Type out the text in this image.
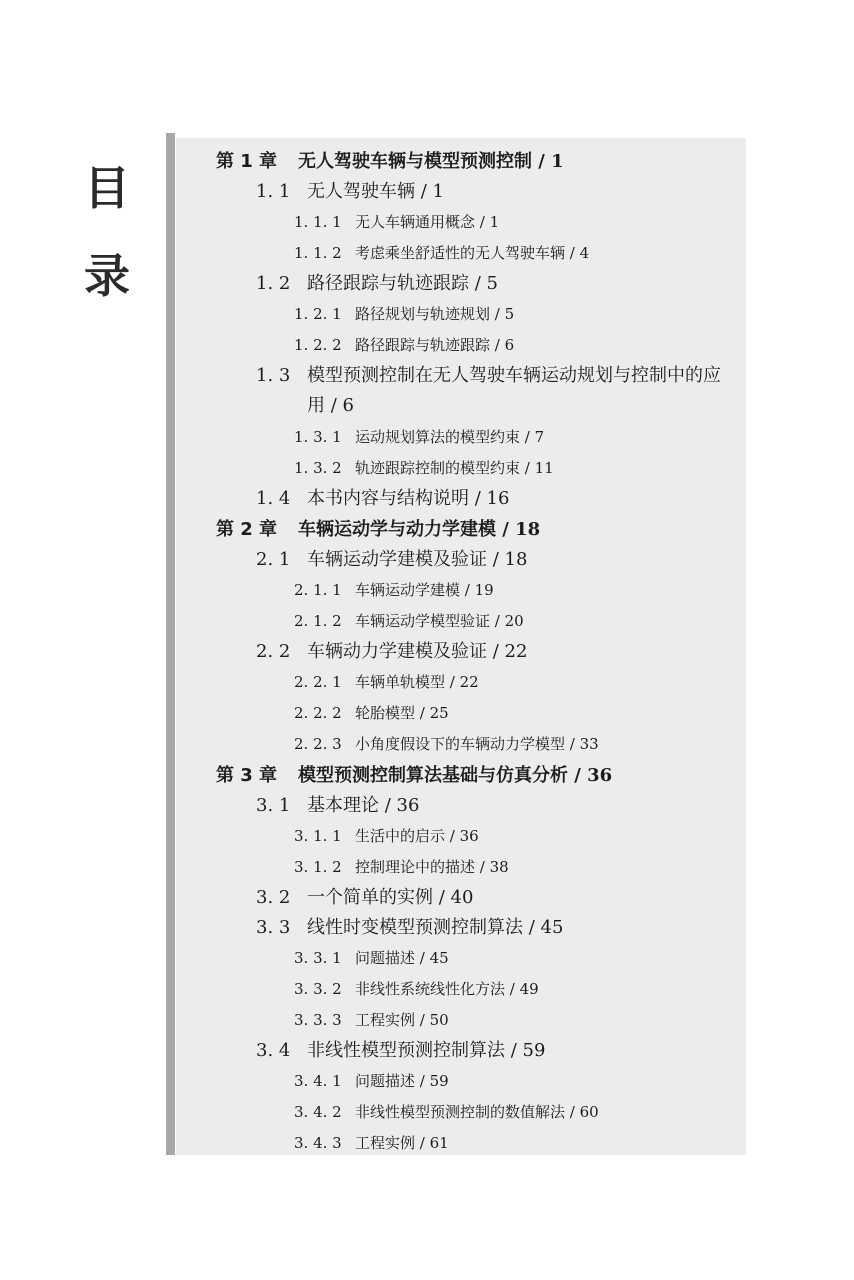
目
录
第 1 章 无人驾驶车辆与模型预测控制 / 1
1. 1 无人驾驶车辆 / 1
1. 1. 1 无人车辆通用概念 / 1
1. 1. 2 考虑乘坐舒适性的无人驾驶车辆 / 4
1. 2 路径跟踪与轨迹跟踪 / 5
1. 2. 1 路径规划与轨迹规划 / 5
1. 2. 2 路径跟踪与轨迹跟踪 / 6
1. 3 模型预测控制在无人驾驶车辆运动规划与控制中的应用 / 6
1. 3. 1 运动规划算法的模型约束 / 7
1. 3. 2 轨迹跟踪控制的模型约束 / 11
1. 4 本书内容与结构说明 / 16
第 2 章 车辆运动学与动力学建模 / 18
2. 1 车辆运动学建模及验证 / 18
2. 1. 1 车辆运动学建模 / 19
2. 1. 2 车辆运动学模型验证 / 20
2. 2 车辆动力学建模及验证 / 22
2. 2. 1 车辆单轨模型 / 22
2. 2. 2 轮胎模型 / 25
2. 2. 3 小角度假设下的车辆动力学模型 / 33
第 3 章 模型预测控制算法基础与仿真分析 / 36
3. 1 基本理论 / 36
3. 1. 1 生活中的启示 / 36
3. 1. 2 控制理论中的描述 / 38
3. 2 一个简单的实例 / 40
3. 3 线性时变模型预测控制算法 / 45
3. 3. 1 问题描述 / 45
3. 3. 2 非线性系统线性化方法 / 49
3. 3. 3 工程实例 / 50
3. 4 非线性模型预测控制算法 / 59
3. 4. 1 问题描述 / 59
3. 4. 2 非线性模型预测控制的数值解法 / 60
3. 4. 3 工程实例 / 61
